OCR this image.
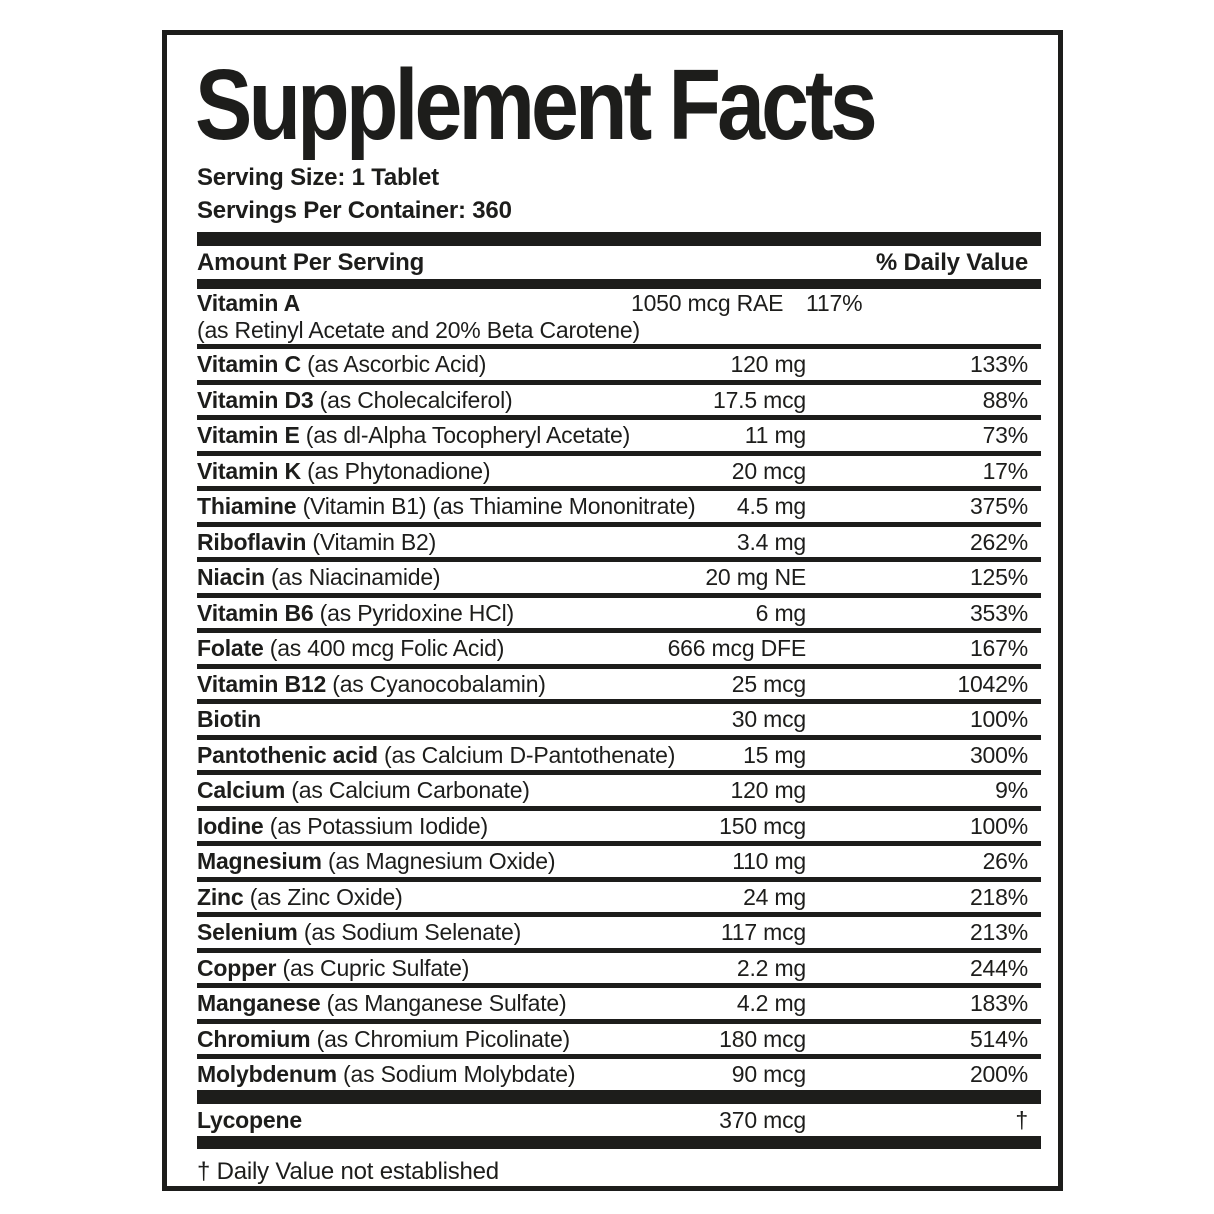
Supplement Facts
Serving Size: 1 Tablet
Servings Per Container: 360
Amount Per Serving	% Daily Value
Vitamin A	1050 mcg RAE 117%
(as Retinyl Acetate and 20% Beta Carotene)
Vitamin C (as Ascorbic Acid)	120 mg	133%
Vitamin D3 (as Cholecalciferol)	17.5 mcg	88%
Vitamin E (as dl-Alpha Tocopheryl Acetate)	11 mg	73%
Vitamin K (as Phytonadione)	20 mcg	17%
Thiamine (Vitamin B1) (as Thiamine Mononitrate)	4.5 mg	375%
Riboflavin (Vitamin B2)	3.4 mg	262%
Niacin (as Niacinamide)	20 mg NE	125%
Vitamin B6 (as Pyridoxine HCl)	6 mg	353%
Folate (as 400 mcg Folic Acid)	666 mcg DFE	167%
Vitamin B12 (as Cyanocobalamin)	25 mcg	1042%
Biotin	30 mcg	100%
Pantothenic acid (as Calcium D-Pantothenate)	15 mg	300%
Calcium (as Calcium Carbonate)	120 mg	9%
Iodine (as Potassium Iodide)	150 mcg	100%
Magnesium (as Magnesium Oxide)	110 mg	26%
Zinc (as Zinc Oxide)	24 mg	218%
Selenium (as Sodium Selenate)	117 mcg	213%
Copper (as Cupric Sulfate)	2.2 mg	244%
Manganese (as Manganese Sulfate)	4.2 mg	183%
Chromium (as Chromium Picolinate)	180 mcg	514%
Molybdenum (as Sodium Molybdate)	90 mcg	200%
Lycopene	370 mcg	†
† Daily Value not established
